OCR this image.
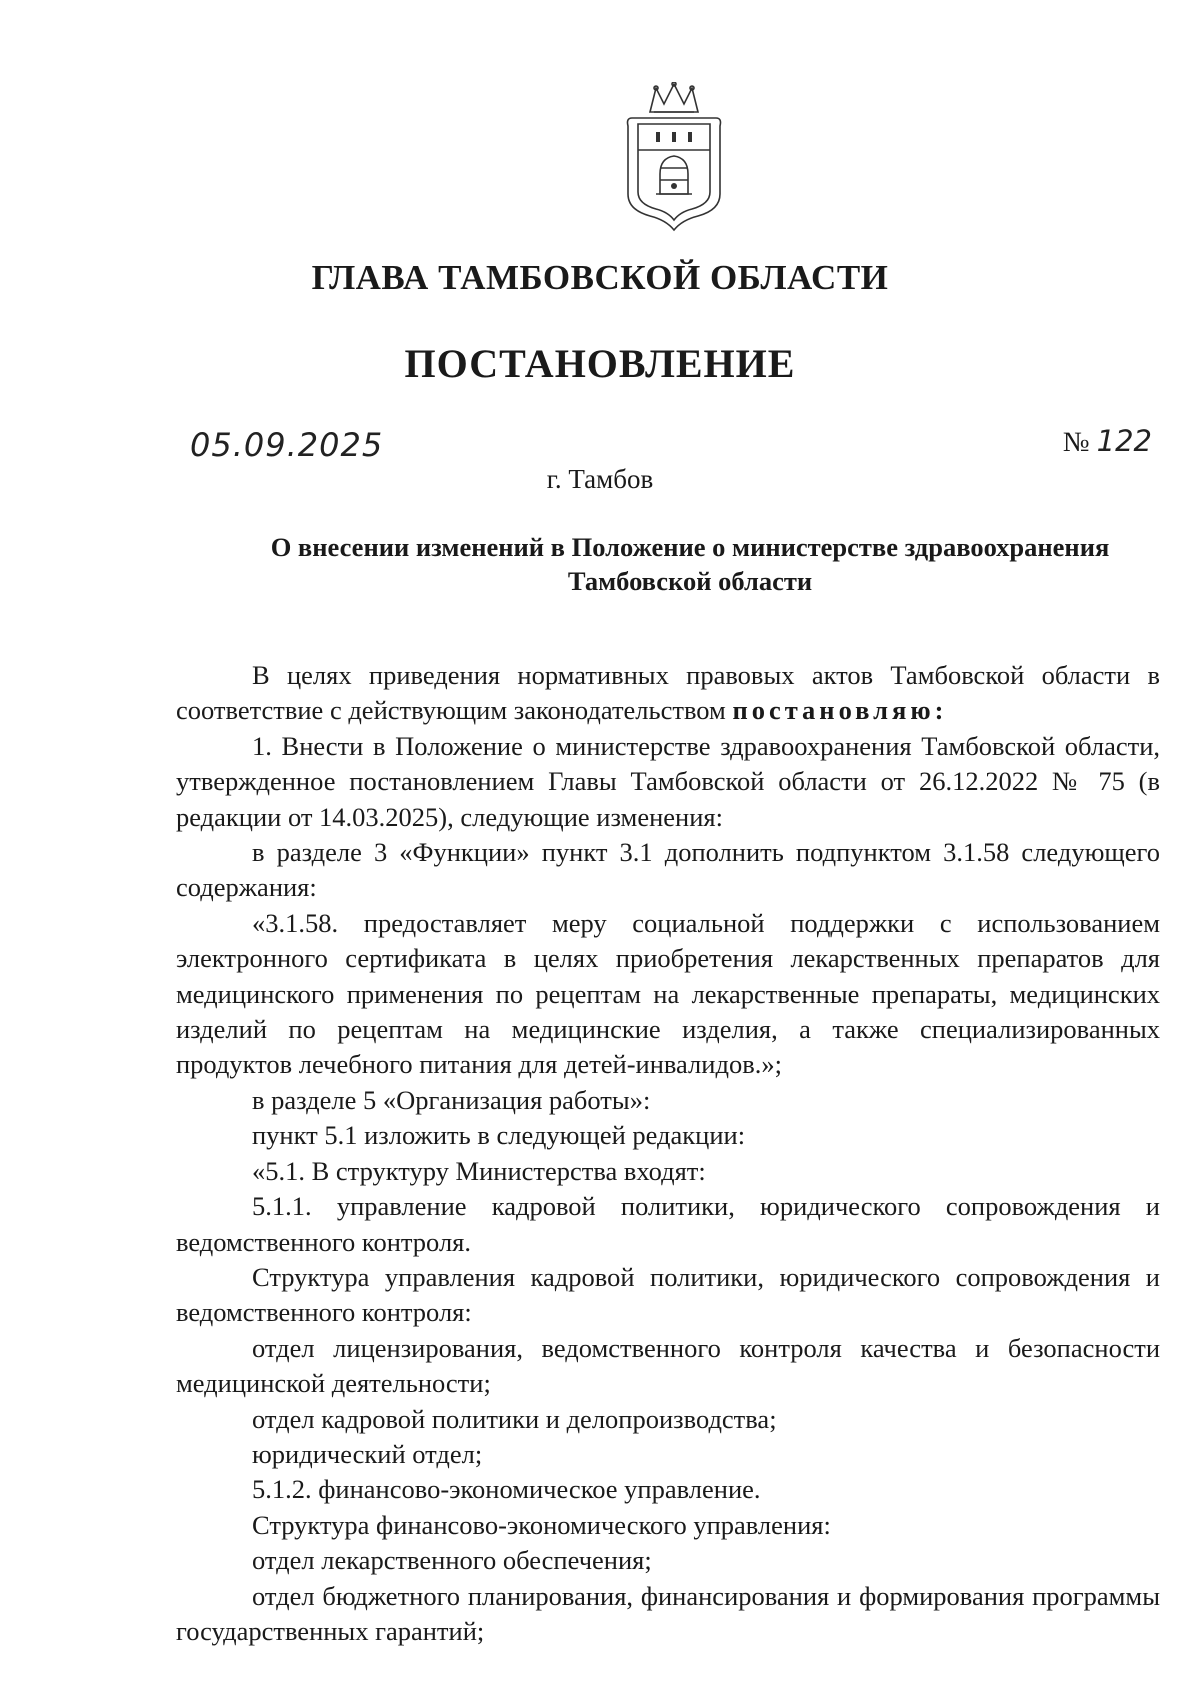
ГЛАВА ТАМБОВСКОЙ ОБЛАСТИ
ПОСТАНОВЛЕНИЕ
05.09.2025	№ 122
г. Тамбов
О внесении изменений в Положение о министерстве здравоохранения
Тамбовской области

В целях приведения нормативных правовых актов Тамбовской области в соответствие с действующим законодательством постановляю:

1. Внести в Положение о министерстве здравоохранения Тамбовской области, утвержденное постановлением Главы Тамбовской области от 26.12.2022 № 75 (в редакции от 14.03.2025), следующие изменения:

в разделе 3 «Функции» пункт 3.1 дополнить подпунктом 3.1.58 следующего содержания:

«3.1.58. предоставляет меру социальной поддержки с использованием электронного сертификата в целях приобретения лекарственных препаратов для медицинского применения по рецептам на лекарственные препараты, медицинских изделий по рецептам на медицинские изделия, а также специализированных продуктов лечебного питания для детей-инвалидов.»;

в разделе 5 «Организация работы»:

пункт 5.1 изложить в следующей редакции:

«5.1. В структуру Министерства входят:

5.1.1. управление кадровой политики, юридического сопровождения и ведомственного контроля.

Структура управления кадровой политики, юридического сопровождения и ведомственного контроля:

отдел лицензирования, ведомственного контроля качества и безопасности медицинской деятельности;

отдел кадровой политики и делопроизводства;

юридический отдел;

5.1.2. финансово-экономическое управление.

Структура финансово-экономического управления:

отдел лекарственного обеспечения;

отдел бюджетного планирования, финансирования и формирования программы государственных гарантий;
